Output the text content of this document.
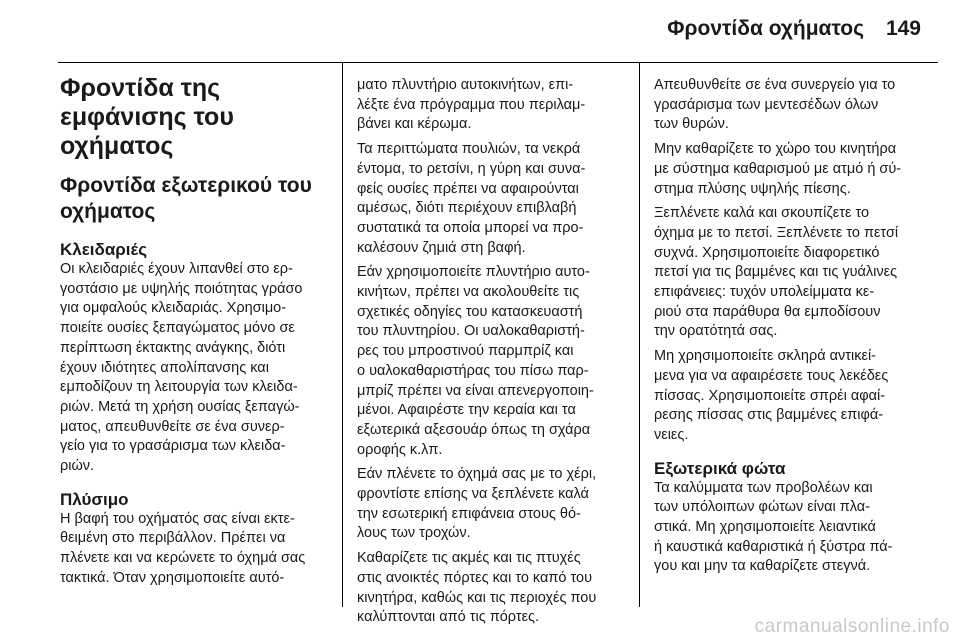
Φροντίδα οχήματος 149
Φροντίδα της
εμφάνισης του
οχήματος
Φροντίδα εξωτερικού του
οχήματος
Κλειδαριές
Οι κλειδαριές έχουν λιπανθεί στο ερ-
γοστάσιο με υψηλής ποιότητας γράσο
για ομφαλούς κλειδαριάς. Χρησιμο-
ποιείτε ουσίες ξεπαγώματος μόνο σε
περίπτωση έκτακτης ανάγκης, διότι
έχουν ιδιότητες απολίπανσης και
εμποδίζουν τη λειτουργία των κλειδα-
ριών. Μετά τη χρήση ουσίας ξεπαγώ-
ματος, απευθυνθείτε σε ένα συνερ-
γείο για το γρασάρισμα των κλειδα-
ριών.
Πλύσιμο
Η βαφή του οχήματός σας είναι εκτε-
θειμένη στο περιβάλλον. Πρέπει να
πλένετε και να κερώνετε το όχημά σας
τακτικά. Όταν χρησιμοποιείτε αυτό-
ματο πλυντήριο αυτοκινήτων, επι-
λέξτε ένα πρόγραμμα που περιλαμ-
βάνει και κέρωμα.
Τα περιττώματα πουλιών, τα νεκρά
έντομα, το ρετσίνι, η γύρη και συνα-
φείς ουσίες πρέπει να αφαιρούνται
αμέσως, διότι περιέχουν επιβλαβή
συστατικά τα οποία μπορεί να προ-
καλέσουν ζημιά στη βαφή.
Εάν χρησιμοποιείτε πλυντήριο αυτο-
κινήτων, πρέπει να ακολουθείτε τις
σχετικές οδηγίες του κατασκευαστή
του πλυντηρίου. Οι υαλοκαθαριστή-
ρες του μπροστινού παρμπρίζ και
ο υαλοκαθαριστήρας του πίσω παρ-
μπρίζ πρέπει να είναι απενεργοποιη-
μένοι. Αφαιρέστε την κεραία και τα
εξωτερικά αξεσουάρ όπως τη σχάρα
οροφής κ.λπ.
Εάν πλένετε το όχημά σας με το χέρι,
φροντίστε επίσης να ξεπλένετε καλά
την εσωτερική επιφάνεια στους θό-
λους των τροχών.
Καθαρίζετε τις ακμές και τις πτυχές
στις ανοικτές πόρτες και το καπό του
κινητήρα, καθώς και τις περιοχές που
καλύπτονται από τις πόρτες.
Απευθυνθείτε σε ένα συνεργείο για το
γρασάρισμα των μεντεσέδων όλων
των θυρών.
Μην καθαρίζετε το χώρο του κινητήρα
με σύστημα καθαρισμού με ατμό ή σύ-
στημα πλύσης υψηλής πίεσης.
Ξεπλένετε καλά και σκουπίζετε το
όχημα με το πετσί. Ξεπλένετε το πετσί
συχνά. Χρησιμοποιείτε διαφορετικό
πετσί για τις βαμμένες και τις γυάλινες
επιφάνειες: τυχόν υπολείμματα κε-
ριού στα παράθυρα θα εμποδίσουν
την ορατότητά σας.
Μη χρησιμοποιείτε σκληρά αντικεί-
μενα για να αφαιρέσετε τους λεκέδες
πίσσας. Χρησιμοποιείτε σπρέι αφαί-
ρεσης πίσσας στις βαμμένες επιφά-
νειες.
Εξωτερικά φώτα
Τα καλύμματα των προβολέων και
των υπόλοιπων φώτων είναι πλα-
στικά. Μη χρησιμοποιείτε λειαντικά
ή καυστικά καθαριστικά ή ξύστρα πά-
γου και μην τα καθαρίζετε στεγνά.
carmanualsonline.info
